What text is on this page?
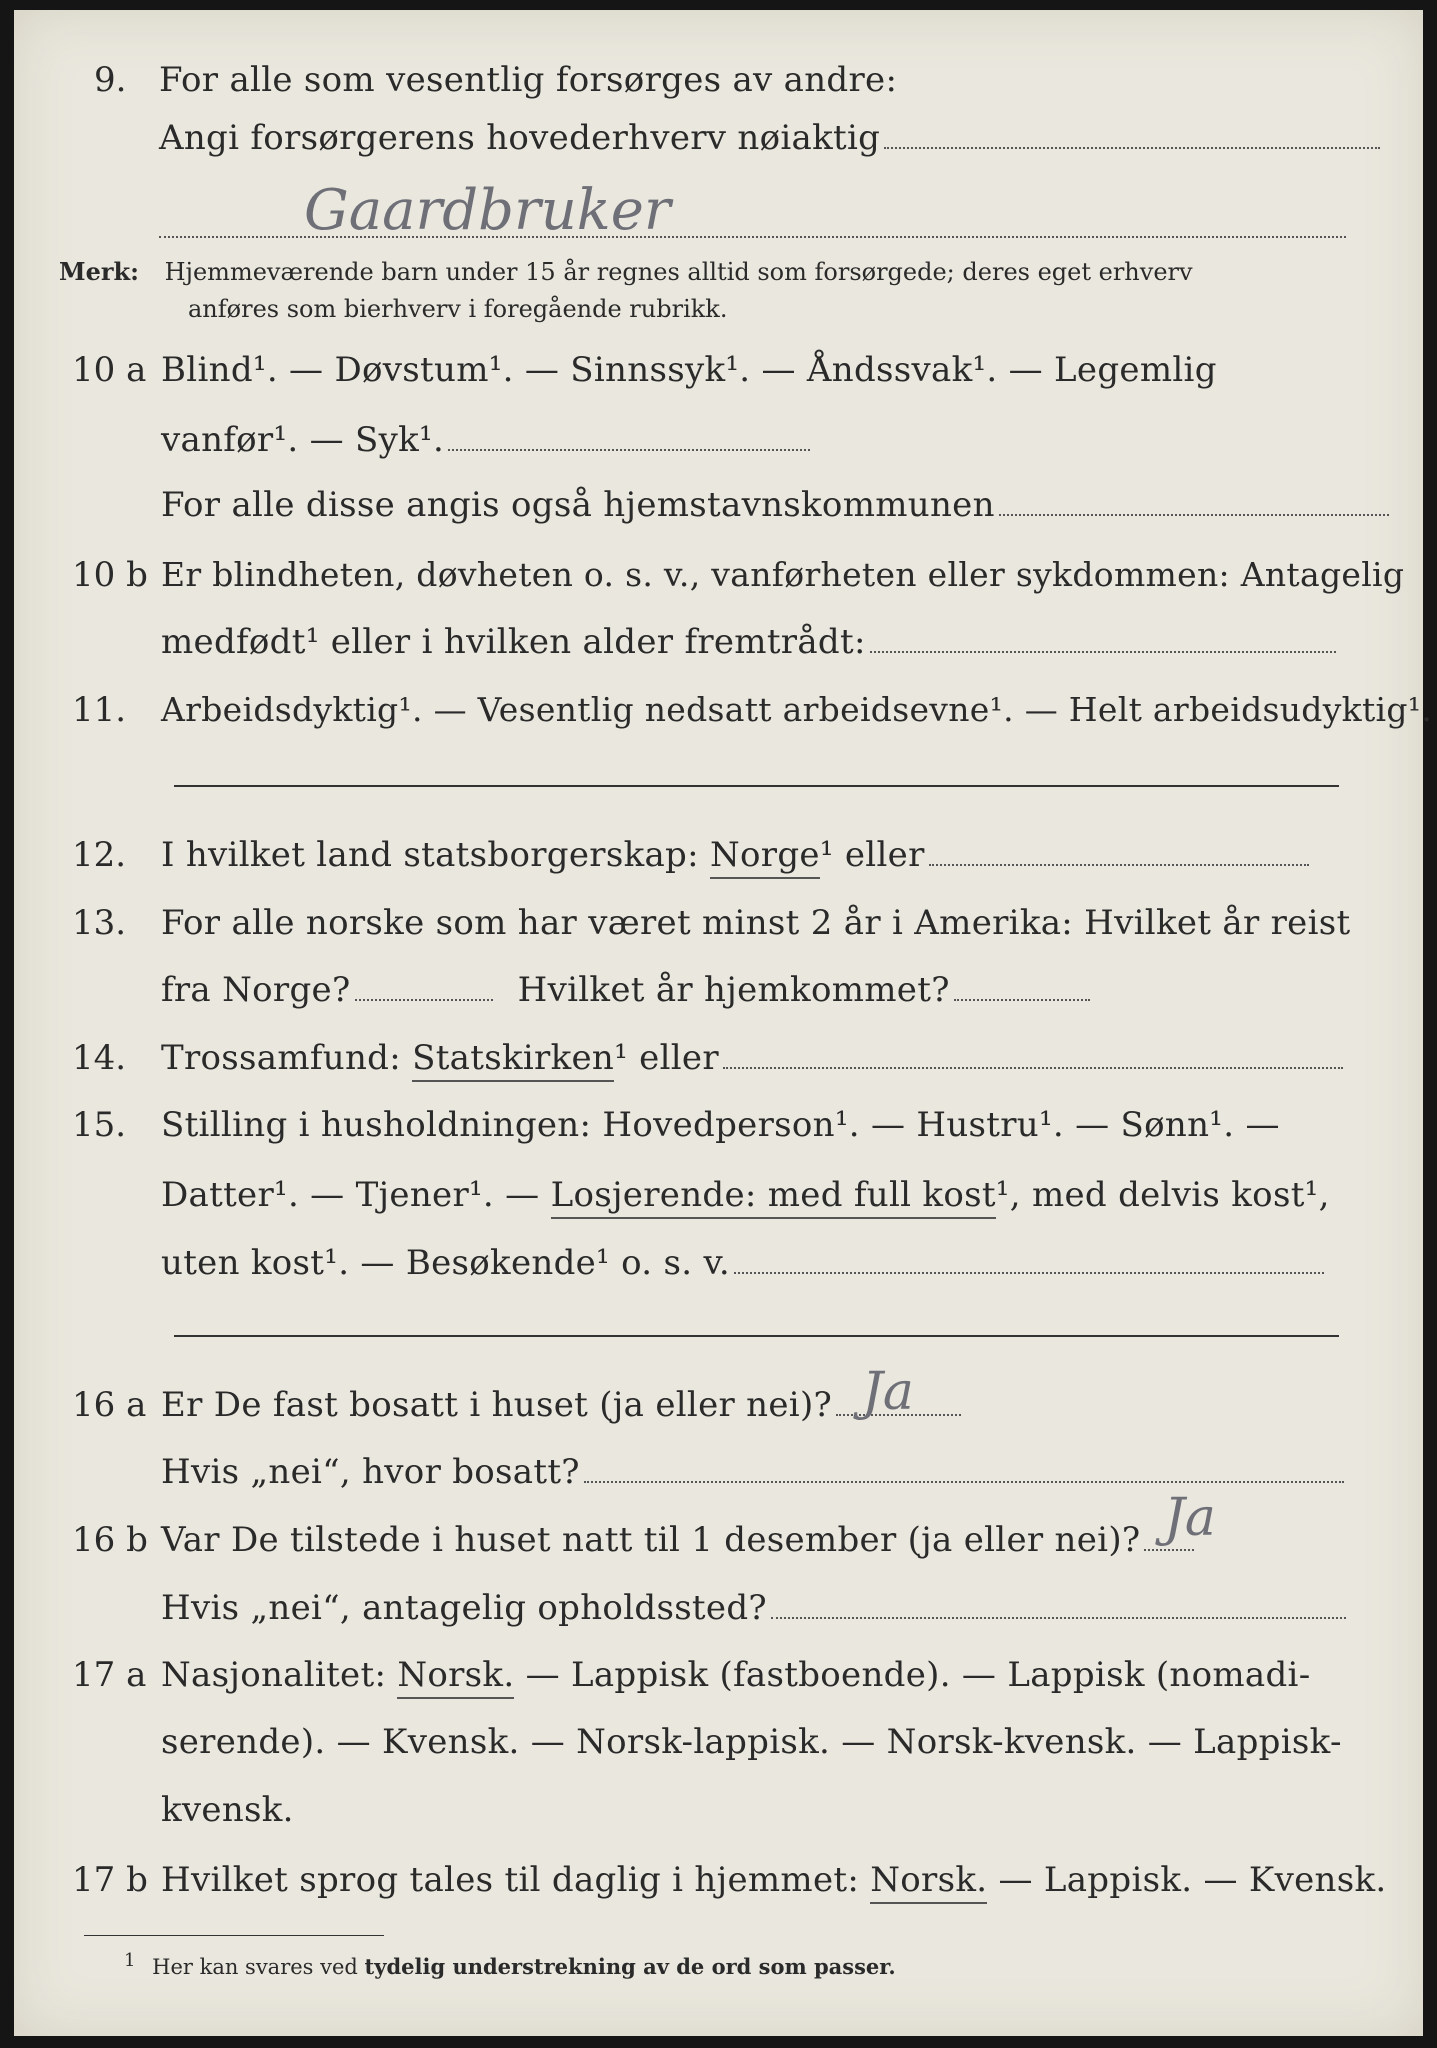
9. For alle som vesentlig forsørges av andre:
Angi forsørgerens hovederhverv nøiaktig
Gaardbruker
Merk: Hjemmeværende barn under 15 år regnes alltid som forsørgede; deres eget erhverv
anføres som bierhverv i foregående rubrikk.
10 a Blind¹. — Døvstum¹. — Sinnssyk¹. — Åndssvak¹. — Legemlig
vanfør¹. — Syk¹.
For alle disse angis også hjemstavnskommunen
10 b Er blindheten, døvheten o. s. v., vanførheten eller sykdommen: Antagelig
medfødt¹ eller i hvilken alder fremtrådt:
11. Arbeidsdyktig¹. — Vesentlig nedsatt arbeidsevne¹. — Helt arbeidsudyktig¹.
12. I hvilket land statsborgerskap: Norge¹ eller
13. For alle norske som har været minst 2 år i Amerika: Hvilket år reist
fra Norge?	Hvilket år hjemkommet?
14. Trossamfund: Statskirken¹ eller
15. Stilling i husholdningen: Hovedperson¹. — Hustru¹. — Sønn¹. —
Datter¹. — Tjener¹. — Losjerende: med full kost¹, med delvis kost¹,
uten kost¹. — Besøkende¹ o. s. v.
16 a Er De fast bosatt i huset (ja eller nei)? Ja
Hvis „nei“, hvor bosatt?
16 b Var De tilstede i huset natt til 1 desember (ja eller nei)? Ja
Hvis „nei“, antagelig opholdssted?
17 a Nasjonalitet: Norsk. — Lappisk (fastboende). — Lappisk (nomadi-
serende). — Kvensk. — Norsk-lappisk. — Norsk-kvensk. — Lappisk-
kvensk.
17 b Hvilket sprog tales til daglig i hjemmet: Norsk. — Lappisk. — Kvensk.
$^1$ Her kan svares ved tydelig understrekning av de ord som passer.
